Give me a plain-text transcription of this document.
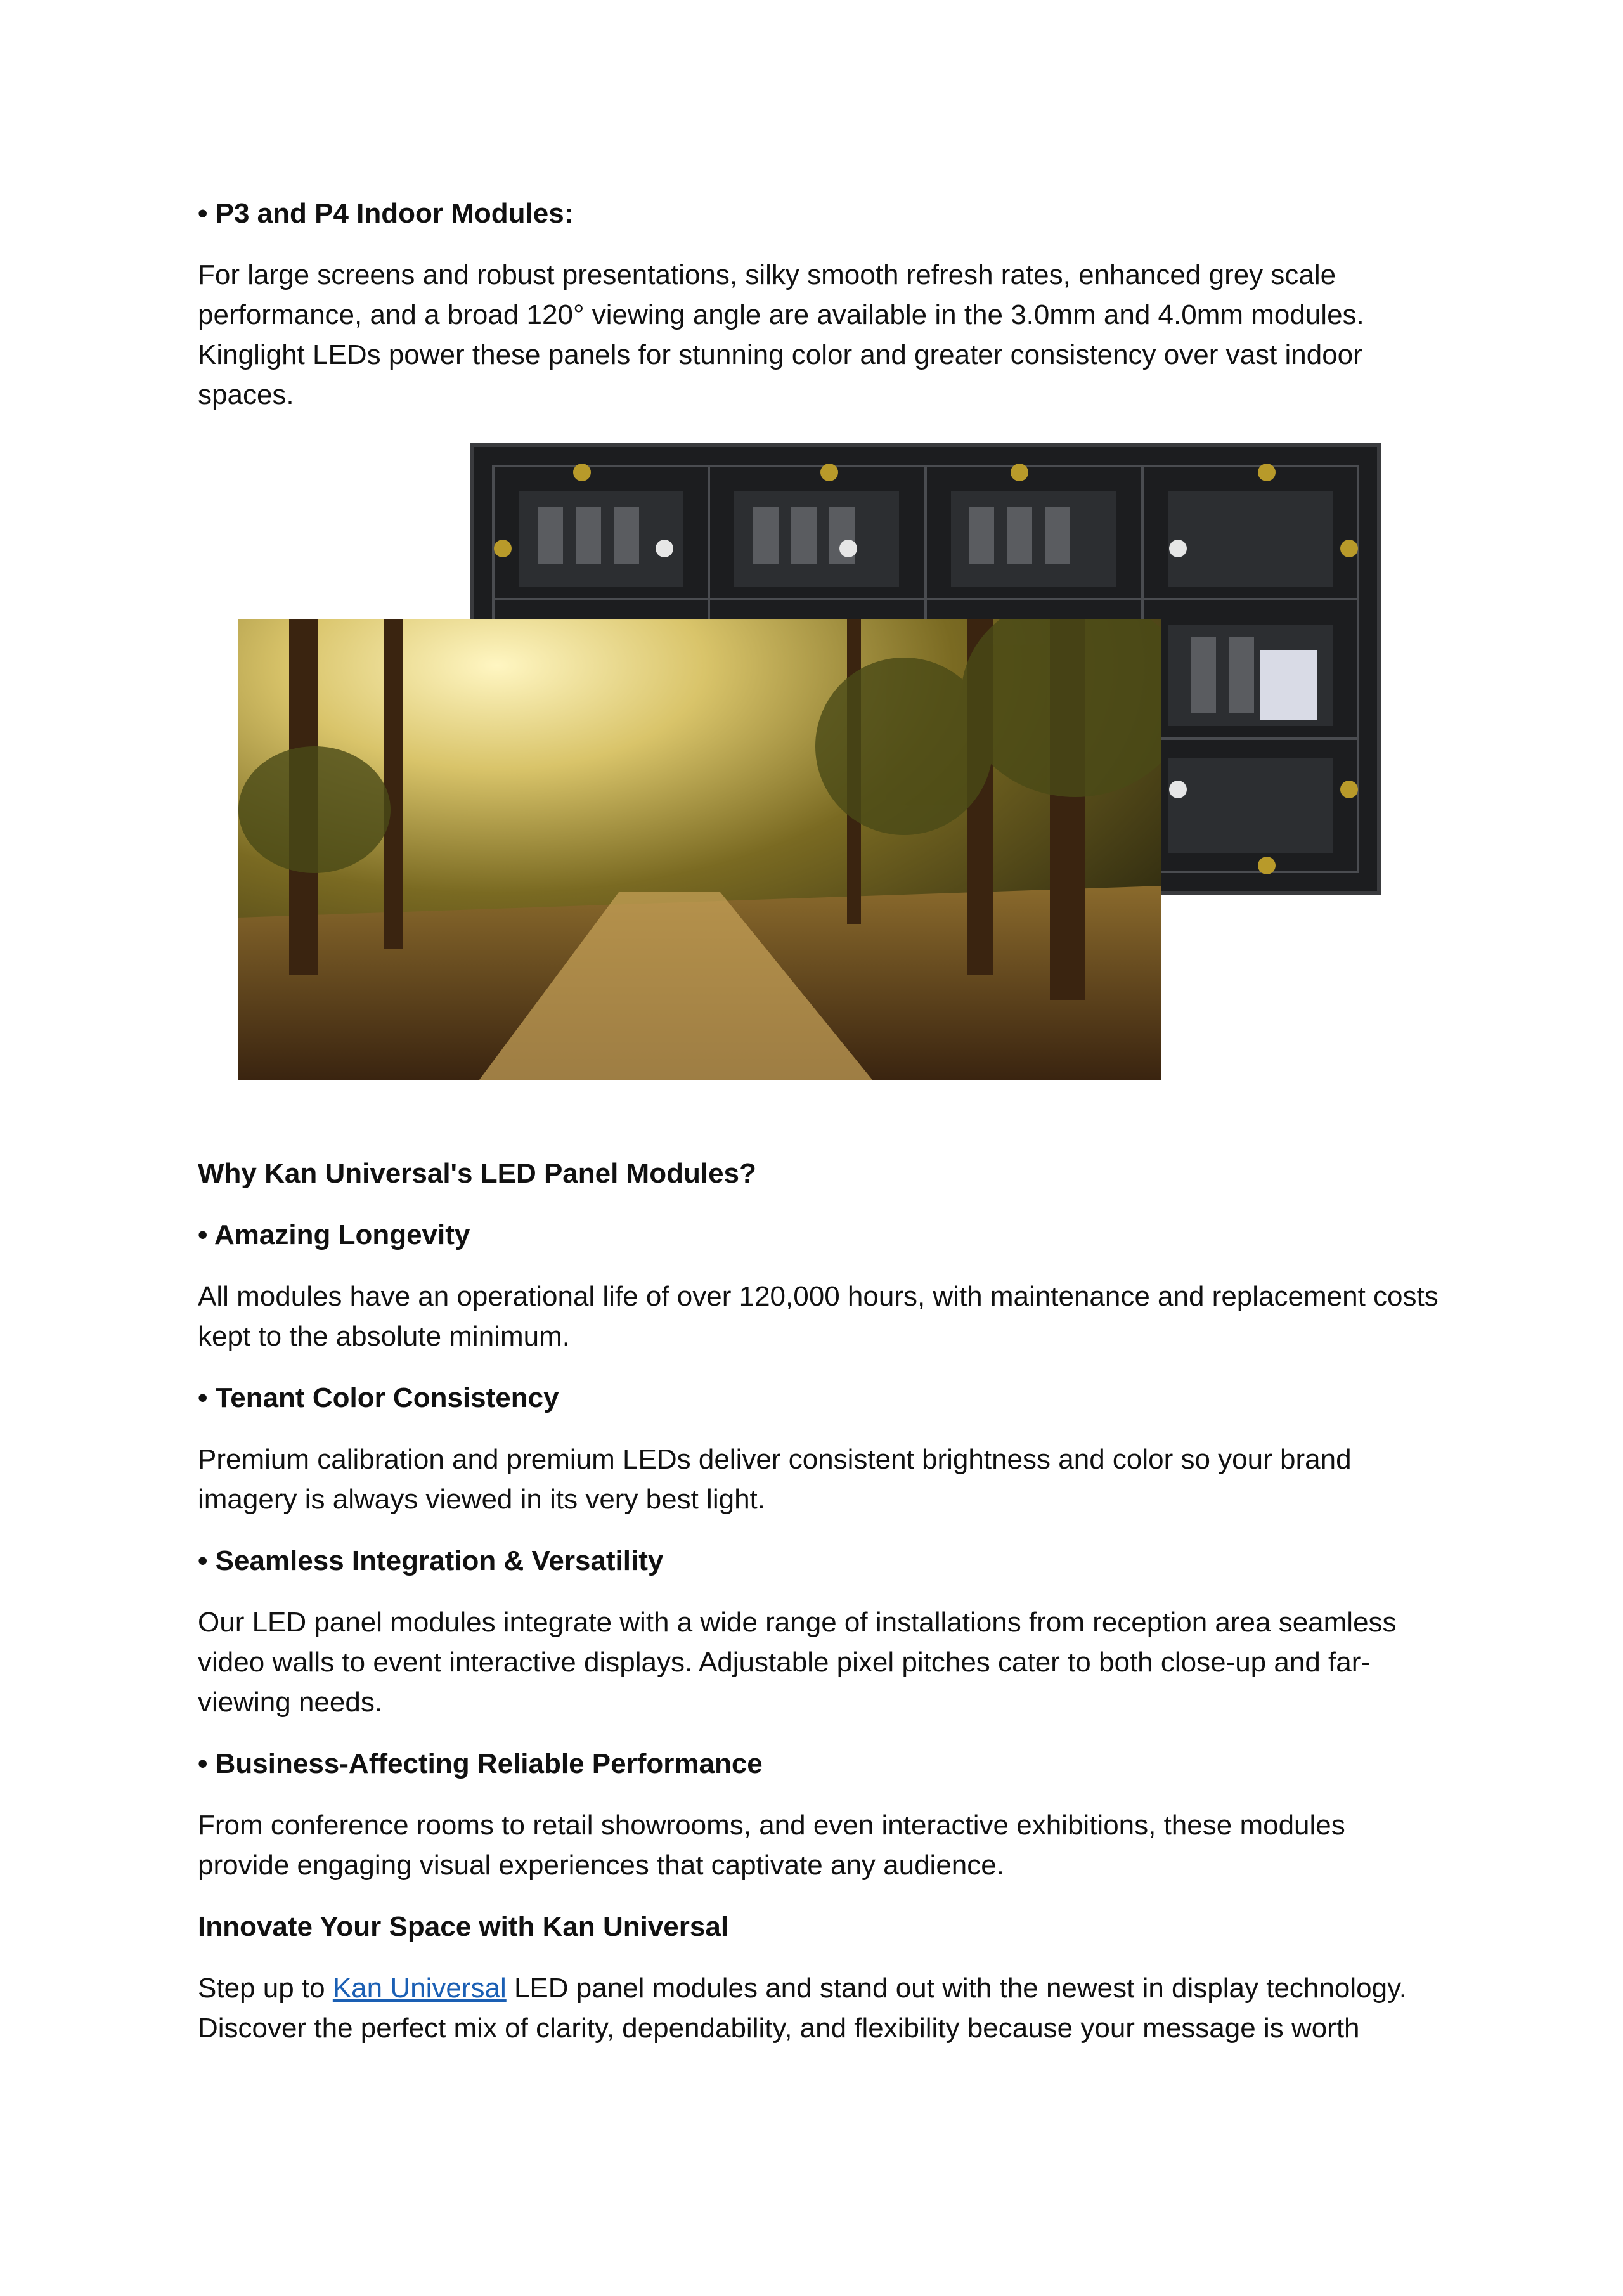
• P3 and P4 Indoor Modules:

For large screens and robust presentations, silky smooth refresh rates, enhanced grey scale

performance, and a broad 120° viewing angle are available in the 3.0mm and 4.0mm modules.

Kinglight LEDs power these panels for stunning color and greater consistency over vast indoor

spaces.

Why Kan Universal's LED Panel Modules?

• Amazing Longevity

All modules have an operational life of over 120,000 hours, with maintenance and replacement costs

kept to the absolute minimum.

• Tenant Color Consistency

Premium calibration and premium LEDs deliver consistent brightness and color so your brand

imagery is always viewed in its very best light.

• Seamless Integration & Versatility

Our LED panel modules integrate with a wide range of installations from reception area seamless

video walls to event interactive displays. Adjustable pixel pitches cater to both close-up and far-

viewing needs.

• Business-Affecting Reliable Performance

From conference rooms to retail showrooms, and even interactive exhibitions, these modules

provide engaging visual experiences that captivate any audience.

Innovate Your Space with Kan Universal

Step up to Kan Universal LED panel modules and stand out with the newest in display technology.

Discover the perfect mix of clarity, dependability, and flexibility because your message is worth
